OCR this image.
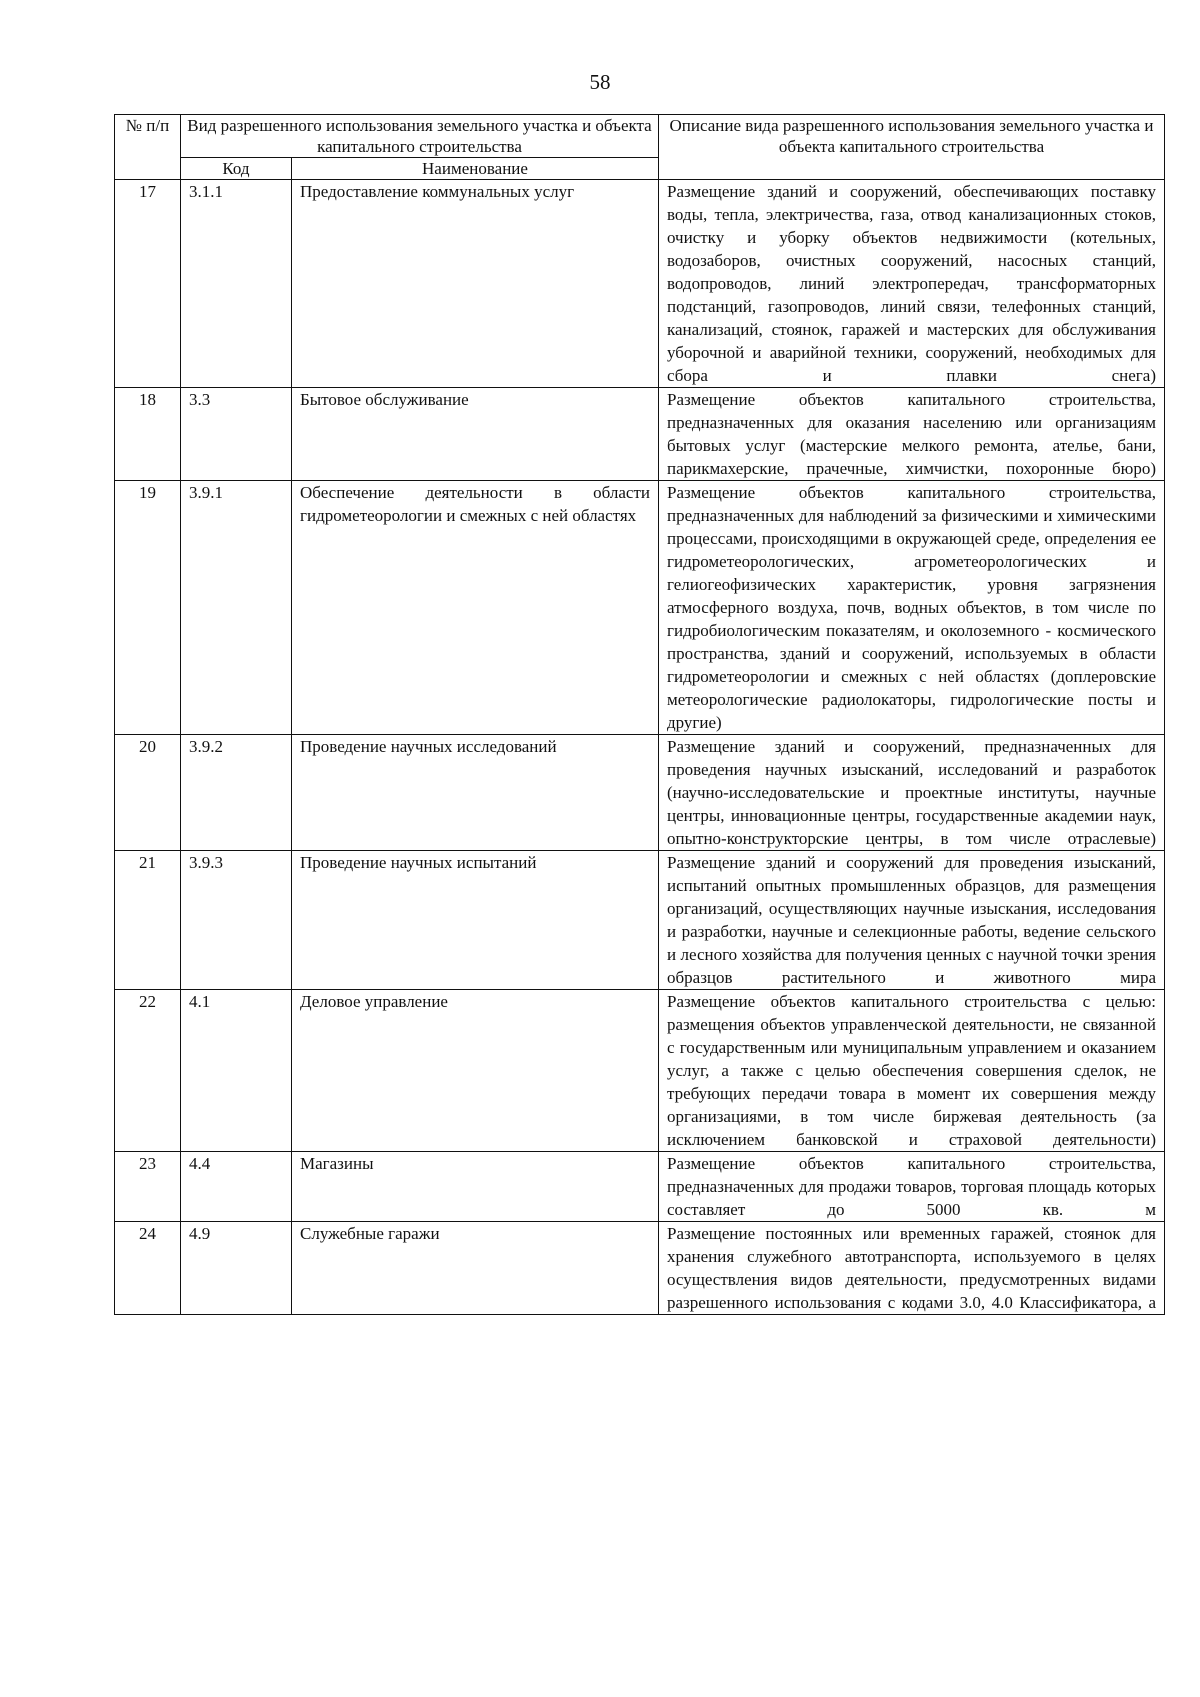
58
№ п/п	Вид разрешенного использования земельного участка и объекта капитального строительства		Описание вида разрешенного использования земельного участка и объекта капитального строительства
	Код	Наименование	
17	3.1.1	Предоставление коммунальных услуг	Размещение зданий и сооружений, обеспечивающих поставку воды, тепла, электричества, газа, отвод канализационных стоков, очистку и уборку объектов недвижимости (котельных, водозаборов, очистных сооружений, насосных станций, водопроводов, линий электропередач, трансформаторных подстанций, газопроводов, линий связи, телефонных станций, канализаций, стоянок, гаражей и мастерских для обслуживания уборочной и аварийной техники, сооружений, необходимых для сбора и плавки снега)
18	3.3	Бытовое обслуживание	Размещение объектов капитального строительства, предназначенных для оказания населению или организациям бытовых услуг (мастерские мелкого ремонта, ателье, бани, парикмахерские, прачечные, химчистки, похоронные бюро)
19	3.9.1	Обеспечение деятельности в области гидрометеорологии и смежных с ней областях	Размещение объектов капитального строительства, предназначенных для наблюдений за физическими и химическими процессами, происходящими в окружающей среде, определения ее гидрометеорологических, агрометеорологических и гелиогеофизических характеристик, уровня загрязнения атмосферного воздуха, почв, водных объектов, в том числе по гидробиологическим показателям, и околоземного - космического пространства, зданий и сооружений, используемых в области гидрометеорологии и смежных с ней областях (доплеровские метеорологические радиолокаторы, гидрологические посты и другие)
20	3.9.2	Проведение научных исследований	Размещение зданий и сооружений, предназначенных для проведения научных изысканий, исследований и разработок (научно-исследовательские и проектные институты, научные центры, инновационные центры, государственные академии наук, опытно-конструкторские центры, в том числе отраслевые)
21	3.9.3	Проведение научных испытаний	Размещение зданий и сооружений для проведения изысканий, испытаний опытных промышленных образцов, для размещения организаций, осуществляющих научные изыскания, исследования и разработки, научные и селекционные работы, ведение сельского и лесного хозяйства для получения ценных с научной точки зрения образцов растительного и животного мира
22	4.1	Деловое управление	Размещение объектов капитального строительства с целью: размещения объектов управленческой деятельности, не связанной с государственным или муниципальным управлением и оказанием услуг, а также с целью обеспечения совершения сделок, не требующих передачи товара в момент их совершения между организациями, в том числе биржевая деятельность (за исключением банковской и страховой деятельности)
23	4.4	Магазины	Размещение объектов капитального строительства, предназначенных для продажи товаров, торговая площадь которых составляет до 5000 кв. м
24	4.9	Служебные гаражи	Размещение постоянных или временных гаражей, стоянок для хранения служебного автотранспорта, используемого в целях осуществления видов деятельности, предусмотренных видами разрешенного использования с кодами 3.0, 4.0 Классификатора, а
